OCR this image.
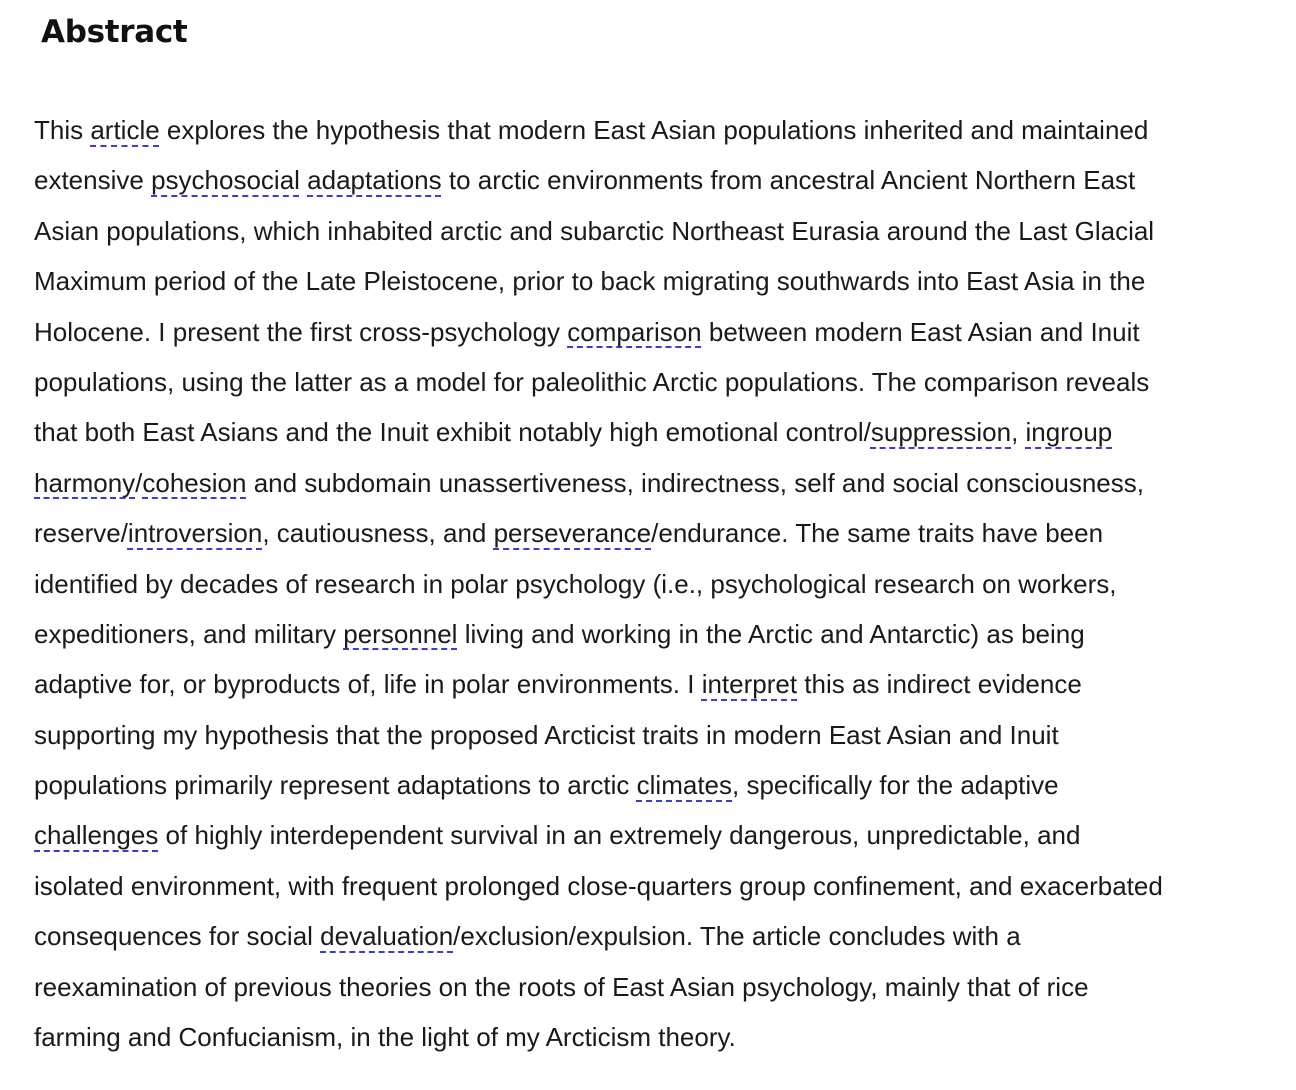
Abstract
This article explores the hypothesis that modern East Asian populations inherited and maintained
extensive psychosocial adaptations to arctic environments from ancestral Ancient Northern East
Asian populations, which inhabited arctic and subarctic Northeast Eurasia around the Last Glacial
Maximum period of the Late Pleistocene, prior to back migrating southwards into East Asia in the
Holocene. I present the first cross-psychology comparison between modern East Asian and Inuit
populations, using the latter as a model for paleolithic Arctic populations. The comparison reveals
that both East Asians and the Inuit exhibit notably high emotional control/suppression, ingroup
harmony/cohesion and subdomain unassertiveness, indirectness, self and social consciousness,
reserve/introversion, cautiousness, and perseverance/endurance. The same traits have been
identified by decades of research in polar psychology (i.e., psychological research on workers,
expeditioners, and military personnel living and working in the Arctic and Antarctic) as being
adaptive for, or byproducts of, life in polar environments. I interpret this as indirect evidence
supporting my hypothesis that the proposed Arcticist traits in modern East Asian and Inuit
populations primarily represent adaptations to arctic climates, specifically for the adaptive
challenges of highly interdependent survival in an extremely dangerous, unpredictable, and
isolated environment, with frequent prolonged close-quarters group confinement, and exacerbated
consequences for social devaluation/exclusion/expulsion. The article concludes with a
reexamination of previous theories on the roots of East Asian psychology, mainly that of rice
farming and Confucianism, in the light of my Arcticism theory.
